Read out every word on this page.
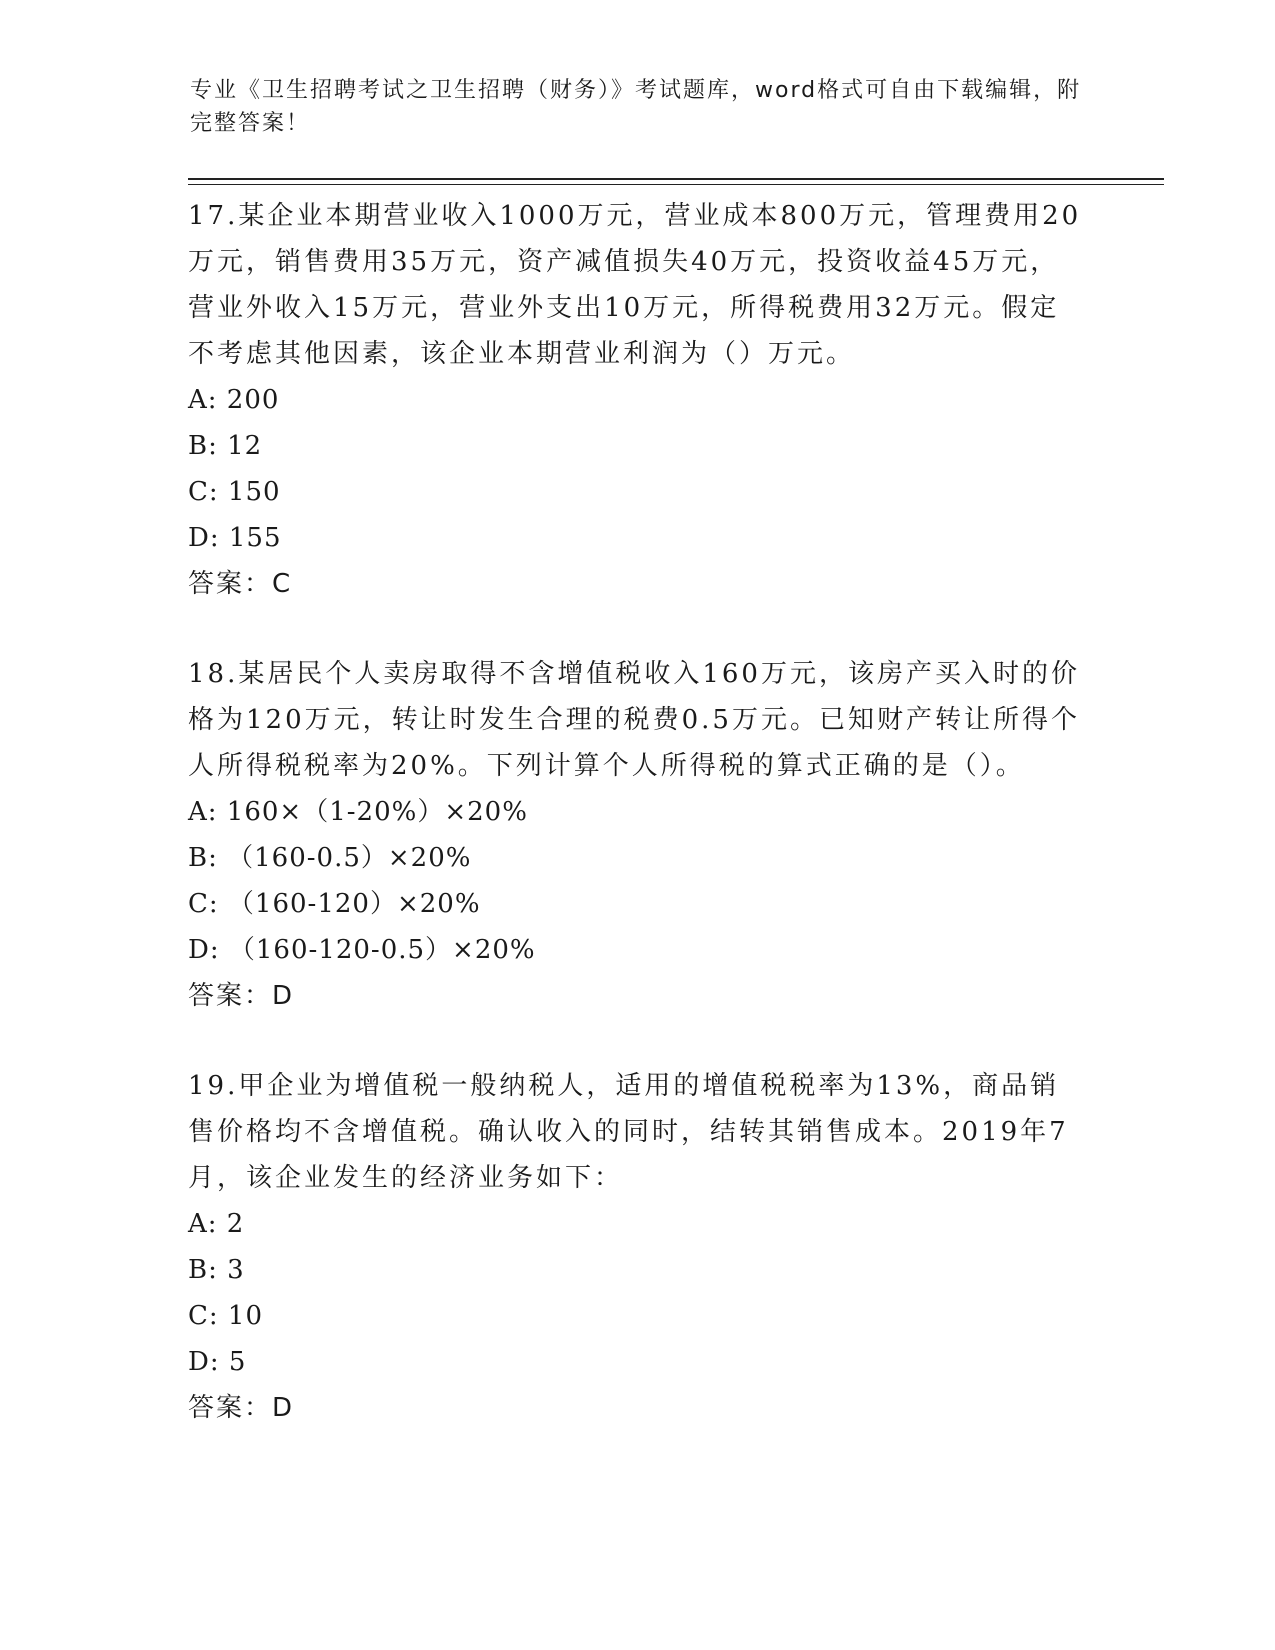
专业《卫生招聘考试之卫生招聘（财务）》考试题库，word格式可自由下载编辑，附完整答案！

17.某企业本期营业收入1000万元，营业成本800万元，管理费用20万元，销售费用35万元，资产减值损失40万元，投资收益45万元，营业外收入15万元，营业外支出10万元，所得税费用32万元。假定不考虑其他因素，该企业本期营业利润为（）万元。

A: 200

B: 12

C: 150

D: 155

答案：C

18.某居民个人卖房取得不含增值税收入160万元，该房产买入时的价格为120万元，转让时发生合理的税费0.5万元。已知财产转让所得个人所得税税率为20%。下列计算个人所得税的算式正确的是（）。

A: 160×（1-20%）×20%

B: （160-0.5）×20%

C: （160-120）×20%

D: （160-120-0.5）×20%

答案：D

19.甲企业为增值税一般纳税人，适用的增值税税率为13%，商品销售价格均不含增值税。确认收入的同时，结转其销售成本。2019年7月，该企业发生的经济业务如下：

A: 2

B: 3

C: 10

D: 5

答案：D
